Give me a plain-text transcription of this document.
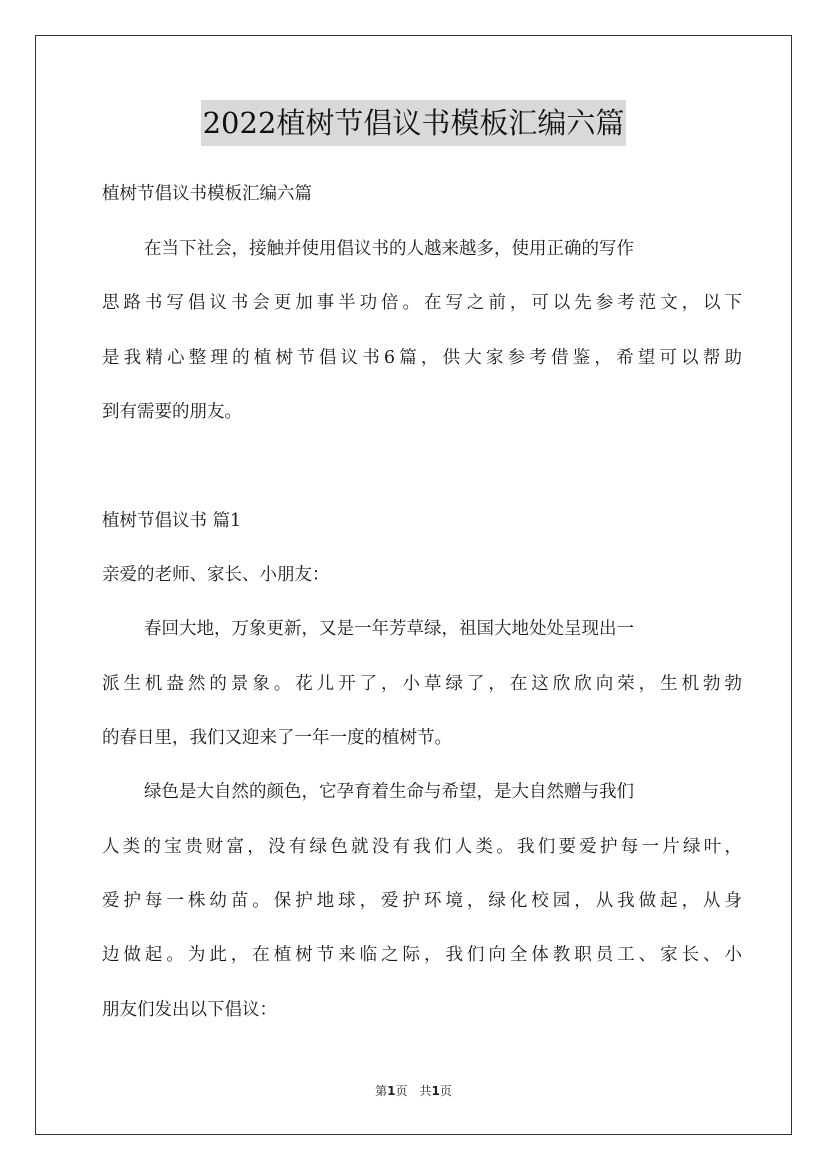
2022植树节倡议书模板汇编六篇
植树节倡议书模板汇编六篇
在当下社会，接触并使用倡议书的人越来越多，使用正确的写作
思路书写倡议书会更加事半功倍。在写之前，可以先参考范文，以下
是我精心整理的植树节倡议书6篇，供大家参考借鉴，希望可以帮助
到有需要的朋友。
植树节倡议书 篇1
亲爱的老师、家长、小朋友：
春回大地，万象更新，又是一年芳草绿，祖国大地处处呈现出一
派生机盎然的景象。花儿开了，小草绿了，在这欣欣向荣，生机勃勃
的春日里，我们又迎来了一年一度的植树节。
绿色是大自然的颜色，它孕育着生命与希望，是大自然赠与我们
人类的宝贵财富，没有绿色就没有我们人类。我们要爱护每一片绿叶，
爱护每一株幼苗。保护地球，爱护环境，绿化校园，从我做起，从身
边做起。为此，在植树节来临之际，我们向全体教职员工、家长、小
朋友们发出以下倡议：
第1页 共1页
